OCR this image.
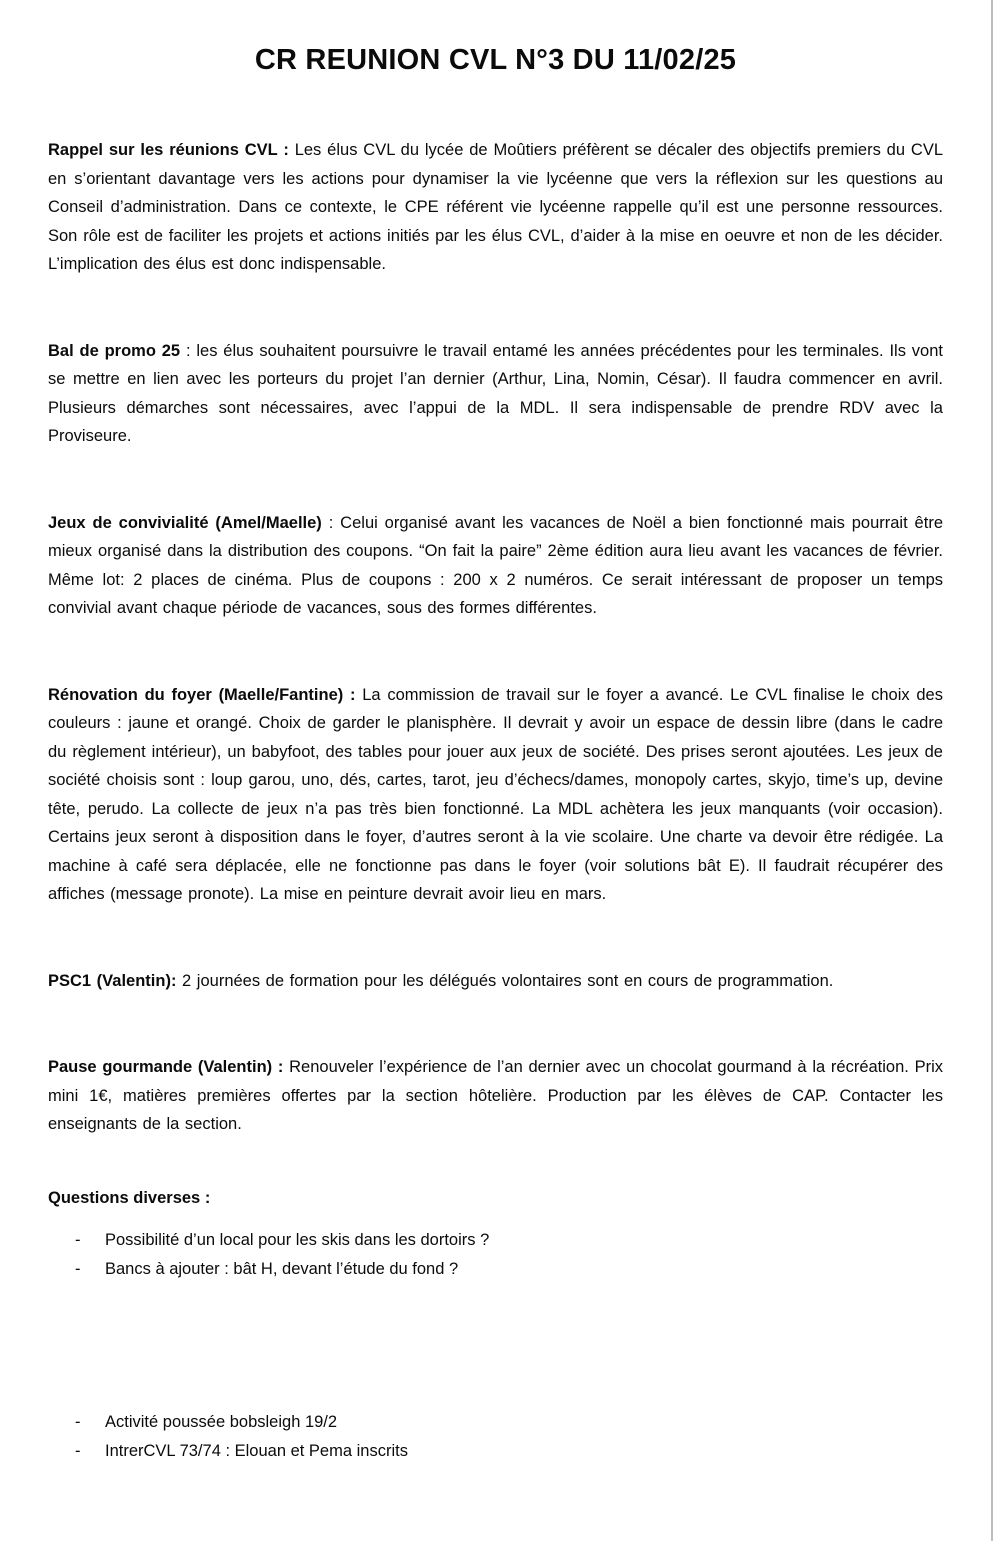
CR REUNION CVL N°3 DU 11/02/25

Rappel sur les réunions CVL : Les élus CVL du lycée de Moûtiers préfèrent se décaler des objectifs premiers du CVL en s’orientant davantage vers les actions pour dynamiser la vie lycéenne que vers la réflexion sur les questions au Conseil d’administration. Dans ce contexte, le CPE référent vie lycéenne rappelle qu’il est une personne ressources. Son rôle est de faciliter les projets et actions initiés par les élus CVL, d’aider à la mise en oeuvre et non de les décider. L’implication des élus est donc indispensable.

Bal de promo 25 : les élus souhaitent poursuivre le travail entamé les années précédentes pour les terminales. Ils vont se mettre en lien avec les porteurs du projet l’an dernier (Arthur, Lina, Nomin, César). Il faudra commencer en avril. Plusieurs démarches sont nécessaires, avec l’appui de la MDL. Il sera indispensable de prendre RDV avec la Proviseure.

Jeux de convivialité (Amel/Maelle) : Celui organisé avant les vacances de Noël a bien fonctionné mais pourrait être mieux organisé dans la distribution des coupons. “On fait la paire” 2ème édition aura lieu avant les vacances de février. Même lot: 2 places de cinéma. Plus de coupons : 200 x 2 numéros. Ce serait intéressant de proposer un temps convivial avant chaque période de vacances, sous des formes différentes.

Rénovation du foyer (Maelle/Fantine) : La commission de travail sur le foyer a avancé. Le CVL finalise le choix des couleurs : jaune et orangé. Choix de garder le planisphère. Il devrait y avoir un espace de dessin libre (dans le cadre du règlement intérieur), un babyfoot, des tables pour jouer aux jeux de société. Des prises seront ajoutées. Les jeux de société choisis sont : loup garou, uno, dés, cartes, tarot, jeu d’échecs/dames, monopoly cartes, skyjo, time’s up, devine tête, perudo. La collecte de jeux n’a pas très bien fonctionné. La MDL achètera les jeux manquants (voir occasion). Certains jeux seront à disposition dans le foyer, d’autres seront à la vie scolaire. Une charte va devoir être rédigée. La machine à café sera déplacée, elle ne fonctionne pas dans le foyer (voir solutions bât E). Il faudrait récupérer des affiches (message pronote). La mise en peinture devrait avoir lieu en mars.

PSC1 (Valentin): 2 journées de formation pour les délégués volontaires sont en cours de programmation.

Pause gourmande (Valentin) : Renouveler l’expérience de l’an dernier avec un chocolat gourmand à la récréation. Prix mini 1€, matières premières offertes par la section hôtelière. Production par les élèves de CAP. Contacter les enseignants de la section.

Questions diverses :

-	Possibilité d’un local pour les skis dans les dortoirs ?
-	Bancs à ajouter : bât H, devant l’étude du fond ?
-	Activité poussée bobsleigh 19/2
-	IntrerCVL 73/74 : Elouan et Pema inscrits
